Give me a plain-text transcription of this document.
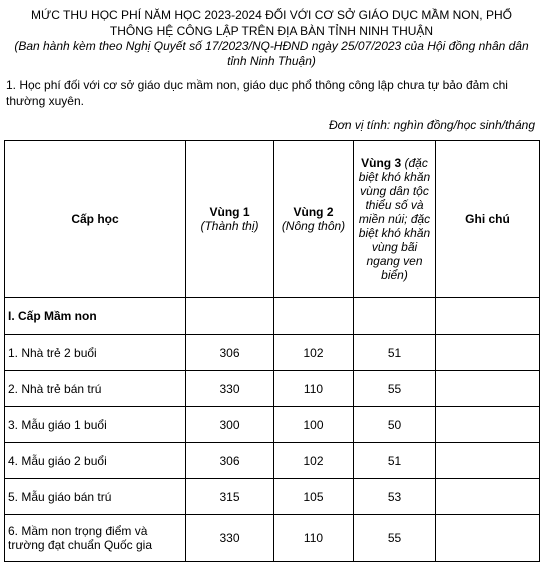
MỨC THU HỌC PHÍ NĂM HỌC 2023-2024 ĐỐI VỚI CƠ SỞ GIÁO DỤC MẦM NON, PHỔ THÔNG HỆ CÔNG LẬP TRÊN ĐỊA BÀN TỈNH NINH THUẬN
(Ban hành kèm theo Nghị Quyết số 17/2023/NQ-HĐND ngày 25/07/2023 của Hội đồng nhân dân tỉnh Ninh Thuận)
1. Học phí đối với cơ sở giáo dục mầm non, giáo dục phổ thông công lập chưa tự bảo đảm chi thường xuyên.
Đơn vị tính: nghìn đồng/học sinh/tháng
Cấp học	Vùng 1 (Thành thị)	Vùng 2 (Nông thôn)	Vùng 3 (đặc biệt khó khăn vùng dân tộc thiểu số và miền núi; đặc biệt khó khăn vùng bãi ngang ven biển)	Ghi chú
I. Cấp Mầm non				
1. Nhà trẻ 2 buổi	306	102	51	
2. Nhà trẻ bán trú	330	110	55	
3. Mẫu giáo 1 buổi	300	100	50	
4. Mẫu giáo 2 buổi	306	102	51	
5. Mẫu giáo bán trú	315	105	53	
6. Mầm non trọng điểm và trường đạt chuẩn Quốc gia	330	110	55	
